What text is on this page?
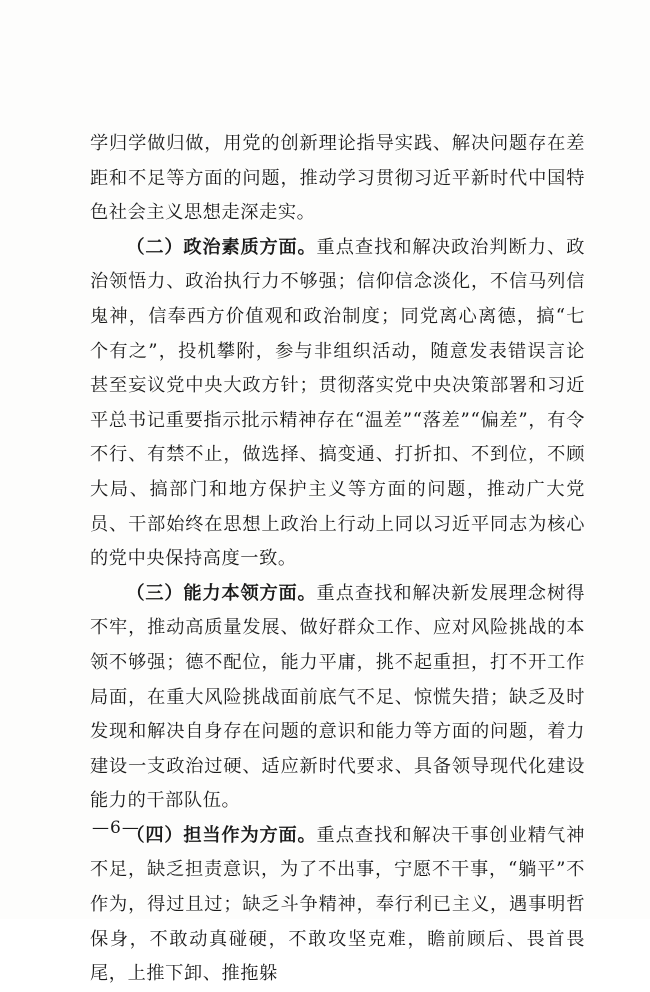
学归学做归做，用党的创新理论指导实践、解决问题存在差距和不足等方面的问题，推动学习贯彻习近平新时代中国特色社会主义思想走深走实。

（二）政治素质方面。重点查找和解决政治判断力、政治领悟力、政治执行力不够强；信仰信念淡化，不信马列信鬼神，信奉西方价值观和政治制度；同党离心离德，搞“七个有之”，投机攀附，参与非组织活动，随意发表错误言论甚至妄议党中央大政方针；贯彻落实党中央决策部署和习近平总书记重要指示批示精神存在“温差”“落差”“偏差”，有令不行、有禁不止，做选择、搞变通、打折扣、不到位，不顾大局、搞部门和地方保护主义等方面的问题，推动广大党员、干部始终在思想上政治上行动上同以习近平同志为核心的党中央保持高度一致。

（三）能力本领方面。重点查找和解决新发展理念树得不牢，推动高质量发展、做好群众工作、应对风险挑战的本领不够强；德不配位，能力平庸，挑不起重担，打不开工作局面，在重大风险挑战面前底气不足、惊慌失措；缺乏及时发现和解决自身存在问题的意识和能力等方面的问题，着力建设一支政治过硬、适应新时代要求、具备领导现代化建设能力的干部队伍。

（四）担当作为方面。重点查找和解决干事创业精气神不足，缺乏担责意识，为了不出事，宁愿不干事，“躺平”不作为，得过且过；缺乏斗争精神，奉行利已主义，遇事明哲保身，不敢动真碰硬，不敢攻坚克难，瞻前顾后、畏首畏尾，上推下卸、推拖躲

—6—
